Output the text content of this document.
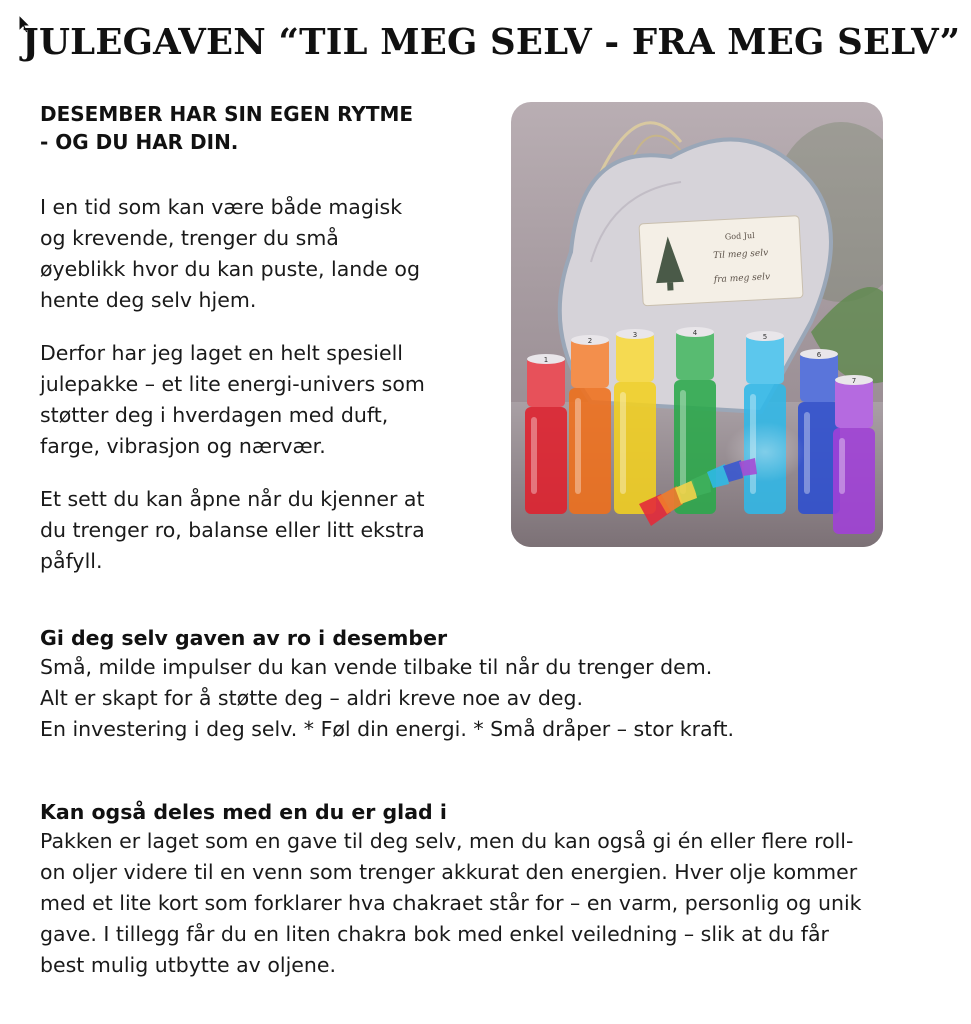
JULEGAVEN “TIL MEG SELV - FRA MEG SELV”
DESEMBER HAR SIN EGEN RYTME
- OG DU HAR DIN.
I en tid som kan være både magisk
og krevende, trenger du små
øyeblikk hvor du kan puste, lande og
hente deg selv hjem.
Derfor har jeg laget en helt spesiell
julepakke – et lite energi-univers som
støtter deg i hverdagen med duft,
farge, vibrasjon og nærvær.
Et sett du kan åpne når du kjenner at
du trenger ro, balanse eller litt ekstra
påfyll.
God Jul
Til meg selv
fra meg selv
1
2
3	4	5
6
7
Gi deg selv gaven av ro i desember

Små, milde impulser du kan vende tilbake til når du trenger dem.

Alt er skapt for å støtte deg – aldri kreve noe av deg.

En investering i deg selv. * Føl din energi. * Små dråper – stor kraft.

Kan også deles med en du er glad i

Pakken er laget som en gave til deg selv, men du kan også gi én eller flere roll-

on oljer videre til en venn som trenger akkurat den energien. Hver olje kommer

med et lite kort som forklarer hva chakraet står for – en varm, personlig og unik

gave. I tillegg får du en liten chakra bok med enkel veiledning – slik at du får

best mulig utbytte av oljene.
